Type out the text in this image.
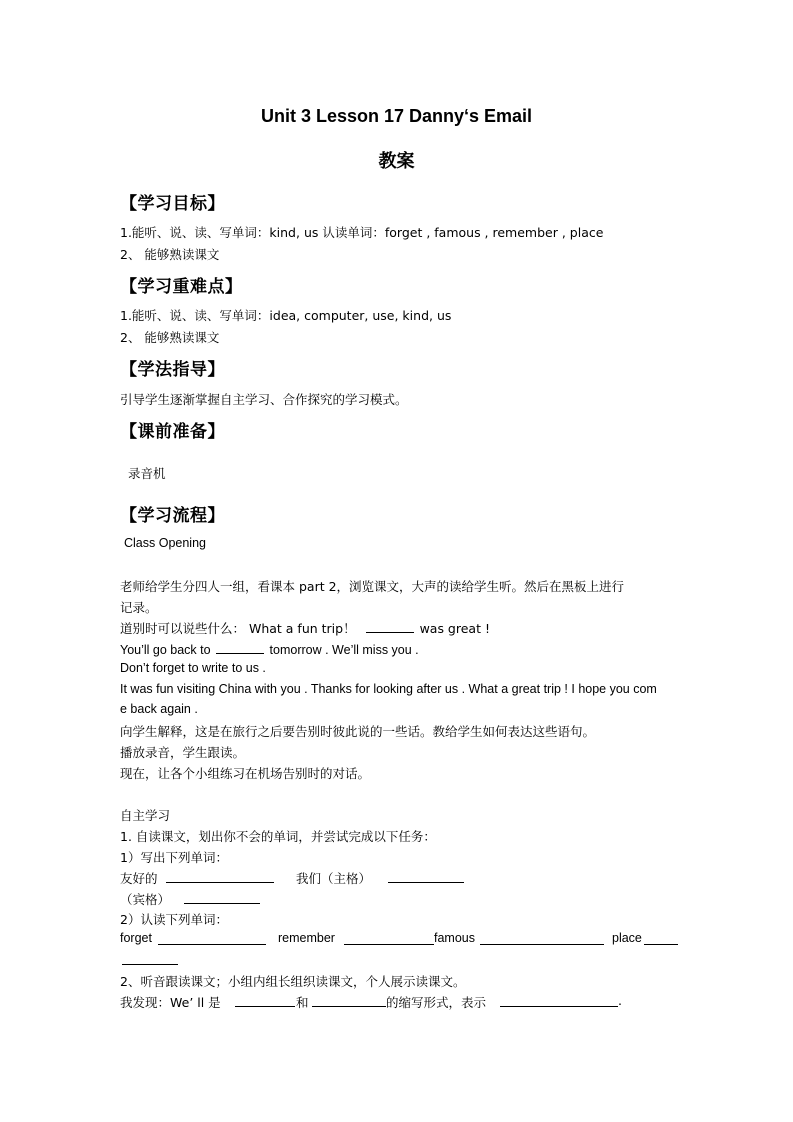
Unit 3 Lesson 17 Danny‘s Email
教案
【学习目标】
1.能听、说、读、写单词：kind, us 认读单词：forget , famous , remember , place
2、 能够熟读课文
【学习重难点】
1.能听、说、读、写单词：idea, computer, use, kind, us
2、 能够熟读课文
【学法指导】
引导学生逐渐掌握自主学习、合作探究的学习模式。
【课前准备】
录音机
【学习流程】
Class Opening
老师给学生分四人一组，看课本 part 2，浏览课文，大声的读给学生听。然后在黑板上进行
记录。
道别时可以说些什么： What a fun trip！	was great !
You’ll go back to	tomorrow . We’ll miss you .
Don’t forget to write to us .
It was fun visiting China with you . Thanks for looking after us . What a great trip ! I hope you com
e back again .
向学生解释，这是在旅行之后要告别时彼此说的一些话。教给学生如何表达这些语句。
播放录音，学生跟读。
现在，让各个小组练习在机场告别时的对话。
自主学习
1. 自读课文，划出你不会的单词，并尝试完成以下任务：
1）写出下列单词：
友好的	我们（主格）
（宾格）
2）认读下列单词：
forget	remember	famous	place
2、听音跟读课文；小组内组长组织读课文，个人展示读课文。
我发现：We’ ll 是	和	的缩写形式，表示	.
